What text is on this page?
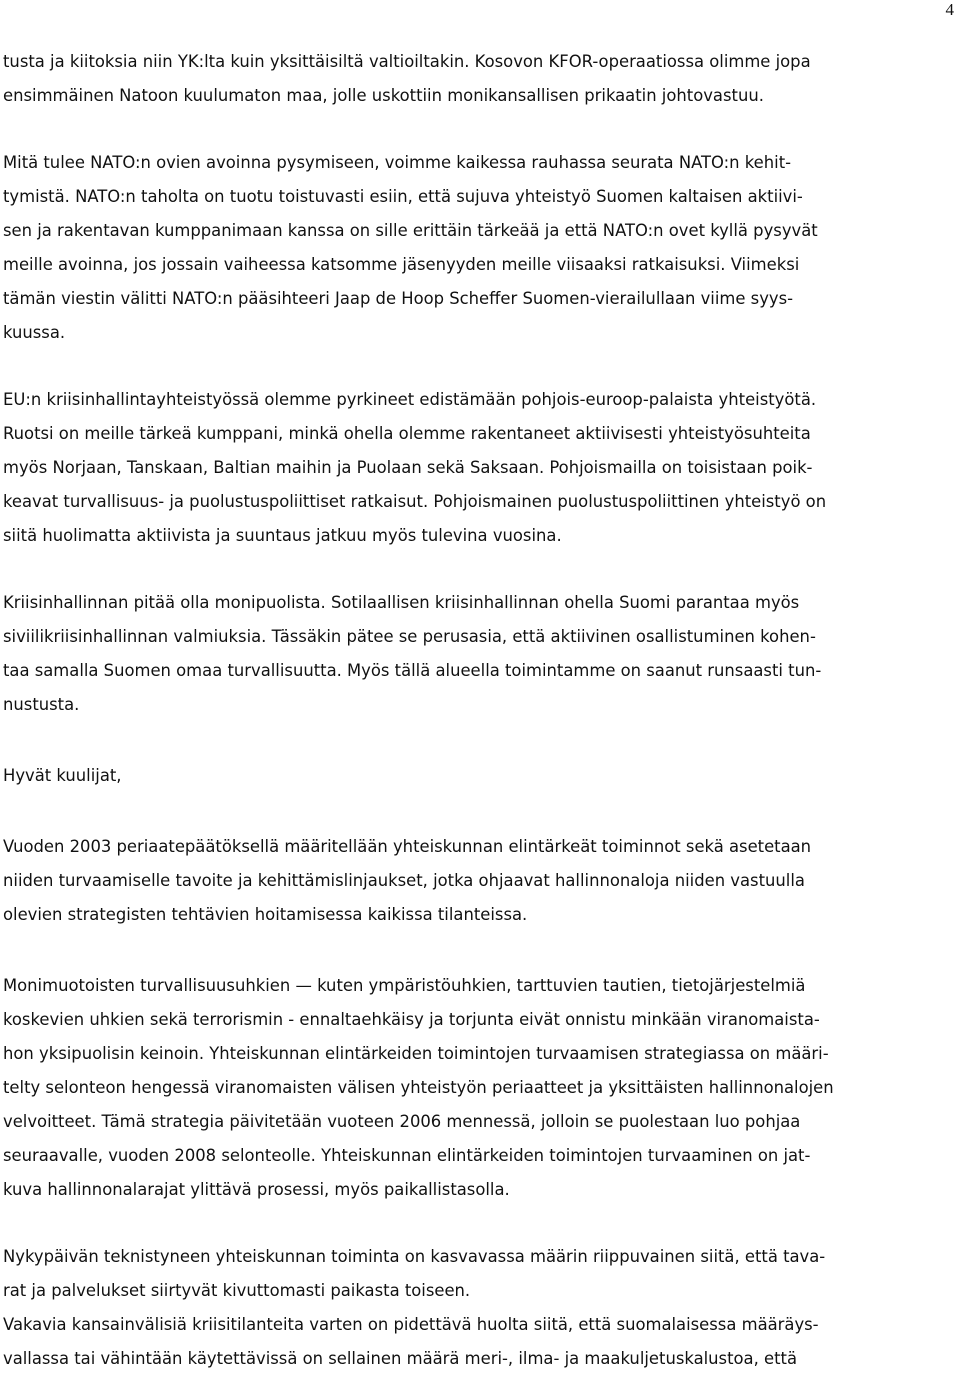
4
tusta ja kiitoksia niin YK:lta kuin yksittäisiltä valtioiltakin. Kosovon KFOR-operaatiossa olimme jopa
ensimmäinen Natoon kuulumaton maa, jolle uskottiin monikansallisen prikaatin johtovastuu.
Mitä tulee NATO:n ovien avoinna pysymiseen, voimme kaikessa rauhassa seurata NATO:n kehit-
tymistä. NATO:n taholta on tuotu toistuvasti esiin, että sujuva yhteistyö Suomen kaltaisen aktiivi-
sen ja rakentavan kumppanimaan kanssa on sille erittäin tärkeää ja että NATO:n ovet kyllä pysyvät
meille avoinna, jos jossain vaiheessa katsomme jäsenyyden meille viisaaksi ratkaisuksi. Viimeksi
tämän viestin välitti NATO:n pääsihteeri Jaap de Hoop Scheffer Suomen-vierailullaan viime syys-
kuussa.
EU:n kriisinhallintayhteistyössä olemme pyrkineet edistämään pohjois-euroop-palaista yhteistyötä.
Ruotsi on meille tärkeä kumppani, minkä ohella olemme rakentaneet aktiivisesti yhteistyösuhteita
myös Norjaan, Tanskaan, Baltian maihin ja Puolaan sekä Saksaan. Pohjoismailla on toisistaan poik-
keavat turvallisuus- ja puolustuspoliittiset ratkaisut. Pohjoismainen puolustuspoliittinen yhteistyö on
siitä huolimatta aktiivista ja suuntaus jatkuu myös tulevina vuosina.
Kriisinhallinnan pitää olla monipuolista. Sotilaallisen kriisinhallinnan ohella Suomi parantaa myös
siviilikriisinhallinnan valmiuksia. Tässäkin pätee se perusasia, että aktiivinen osallistuminen kohen-
taa samalla Suomen omaa turvallisuutta. Myös tällä alueella toimintamme on saanut runsaasti tun-
nustusta.
Hyvät kuulijat,
Vuoden 2003 periaatepäätöksellä määritellään yhteiskunnan elintärkeät toiminnot sekä asetetaan
niiden turvaamiselle tavoite ja kehittämislinjaukset, jotka ohjaavat hallinnonaloja niiden vastuulla
olevien strategisten tehtävien hoitamisessa kaikissa tilanteissa.
Monimuotoisten turvallisuusuhkien — kuten ympäristöuhkien, tarttuvien tautien, tietojärjestelmiä
koskevien uhkien sekä terrorismin - ennaltaehkäisy ja torjunta eivät onnistu minkään viranomaista-
hon yksipuolisin keinoin. Yhteiskunnan elintärkeiden toimintojen turvaamisen strategiassa on määri-
telty selonteon hengessä viranomaisten välisen yhteistyön periaatteet ja yksittäisten hallinnonalojen
velvoitteet. Tämä strategia päivitetään vuoteen 2006 mennessä, jolloin se puolestaan luo pohjaa
seuraavalle, vuoden 2008 selonteolle. Yhteiskunnan elintärkeiden toimintojen turvaaminen on jat-
kuva hallinnonalarajat ylittävä prosessi, myös paikallistasolla.
Nykypäivän teknistyneen yhteiskunnan toiminta on kasvavassa määrin riippuvainen siitä, että tava-
rat ja palvelukset siirtyvät kivuttomasti paikasta toiseen.
Vakavia kansainvälisiä kriisitilanteita varten on pidettävä huolta siitä, että suomalaisessa määräys-
vallassa tai vähintään käytettävissä on sellainen määrä meri-, ilma- ja maakuljetuskalustoa, että
